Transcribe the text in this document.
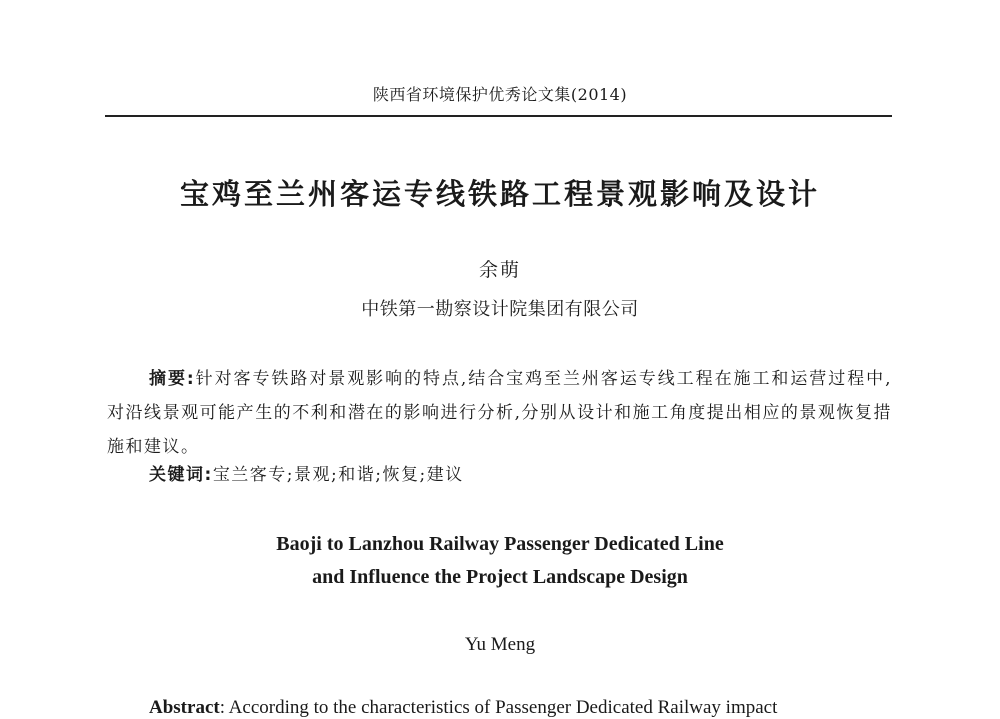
陕西省环境保护优秀论文集(2014)
宝鸡至兰州客运专线铁路工程景观影响及设计
余萌
中铁第一勘察设计院集团有限公司
摘要:针对客专铁路对景观影响的特点,结合宝鸡至兰州客运专线工程在施工和运营过程中,对沿线景观可能产生的不利和潜在的影响进行分析,分别从设计和施工角度提出相应的景观恢复措施和建议。
关键词:宝兰客专;景观;和谐;恢复;建议
Baoji to Lanzhou Railway Passenger Dedicated Line
and Influence the Project Landscape Design
Yu Meng
Abstract: According to the characteristics of Passenger Dedicated Railway impact
